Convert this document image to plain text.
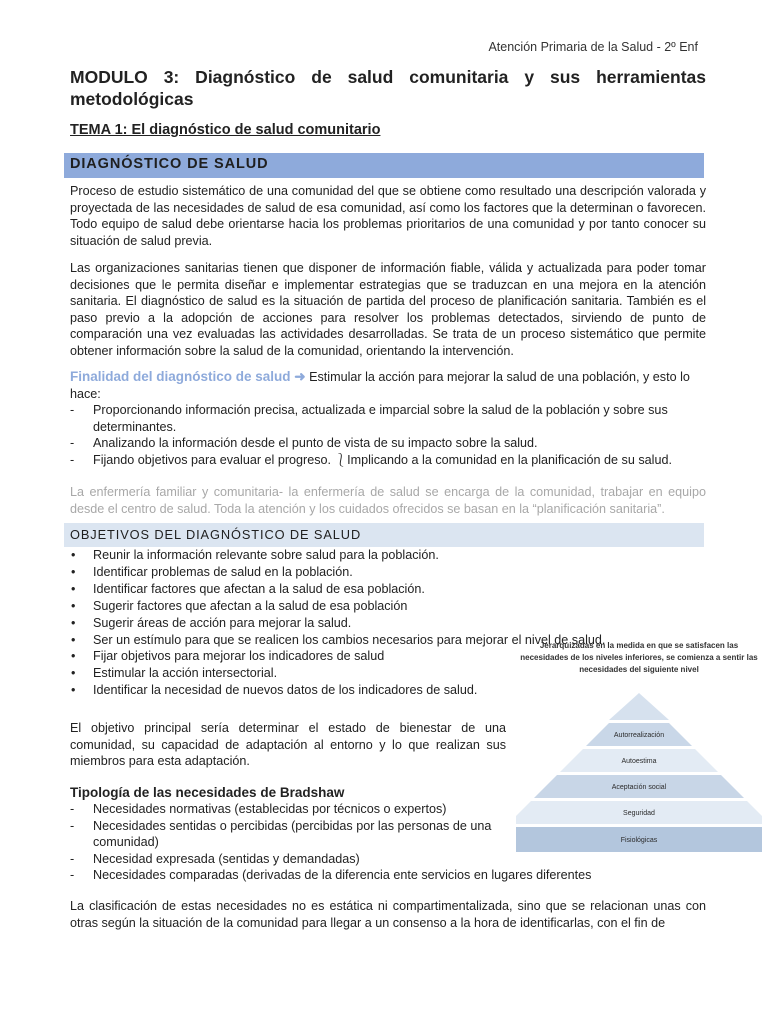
Atención Primaria de la Salud - 2º Enf
MODULO 3: Diagnóstico de salud comunitaria y sus herramientas metodológicas
TEMA 1: El diagnóstico de salud comunitario
DIAGNÓSTICO DE SALUD
Proceso de estudio sistemático de una comunidad del que se obtiene como resultado una descripción valorada y proyectada de las necesidades de salud de esa comunidad, así como los factores que la determinan o favorecen. Todo equipo de salud debe orientarse hacia los problemas prioritarios de una comunidad y por tanto conocer su situación de salud previa.
Las organizaciones sanitarias tienen que disponer de información fiable, válida y actualizada para poder tomar decisiones que le permita diseñar e implementar estrategias que se traduzcan en una mejora en la atención sanitaria. El diagnóstico de salud es la situación de partida del proceso de planificación sanitaria. También es el paso previo a la adopción de acciones para resolver los problemas detectados, sirviendo de punto de comparación una vez evaluadas las actividades desarrolladas. Se trata de un proceso sistemático que permite obtener información sobre la salud de la comunidad, orientando la intervención.
Finalidad del diagnóstico de salud ➜ Estimular la acción para mejorar la salud de una población, y esto lo hace:
- Proporcionando información precisa, actualizada e imparcial sobre la salud de la población y sobre sus determinantes.
- Analizando la información desde el punto de vista de su impacto sobre la salud.
- Fijando objetivos para evaluar el progreso. ⎱Implicando a la comunidad en la planificación de su salud.
La enfermería familiar y comunitaria- la enfermería de salud se encarga de la comunidad, trabajar en equipo desde el centro de salud. Toda la atención y los cuidados ofrecidos se basan en la “planificación sanitaria”.
OBJETIVOS DEL DIAGNÓSTICO DE SALUD
• Reunir la información relevante sobre salud para la población.
• Identificar problemas de salud en la población.
• Identificar factores que afectan a la salud de esa población.
• Sugerir factores que afectan a la salud de esa población
• Sugerir áreas de acción para mejorar la salud.
• Ser un estímulo para que se realicen los cambios necesarios para mejorar el nivel de salud.
• Fijar objetivos para mejorar los indicadores de salud
• Estimular la acción intersectorial.
• Identificar la necesidad de nuevos datos de los indicadores de salud.
El objetivo principal sería determinar el estado de bienestar de una comunidad, su capacidad de adaptación al entorno y lo que realizan sus miembros para esta adaptación.
Tipología de las necesidades de Bradshaw
- Necesidades normativas (establecidas por técnicos o expertos)
- Necesidades sentidas o percibidas (percibidas por las personas de una comunidad)
- Necesidad expresada (sentidas y demandadas)
- Necesidades comparadas (derivadas de la diferencia ente servicios en lugares diferentes
La clasificación de estas necesidades no es estática ni compartimentalizada, sino que se relacionan unas con otras según la situación de la comunidad para llegar a un consenso a la hora de identificarlas, con el fin de
Jerarquizadas en la medida en que se satisfacen las necesidades de los niveles inferiores, se comienza a sentir las necesidades del siguiente nivel
Autorrealización
Autoestima
Aceptación social
Seguridad
Fisiológicas
